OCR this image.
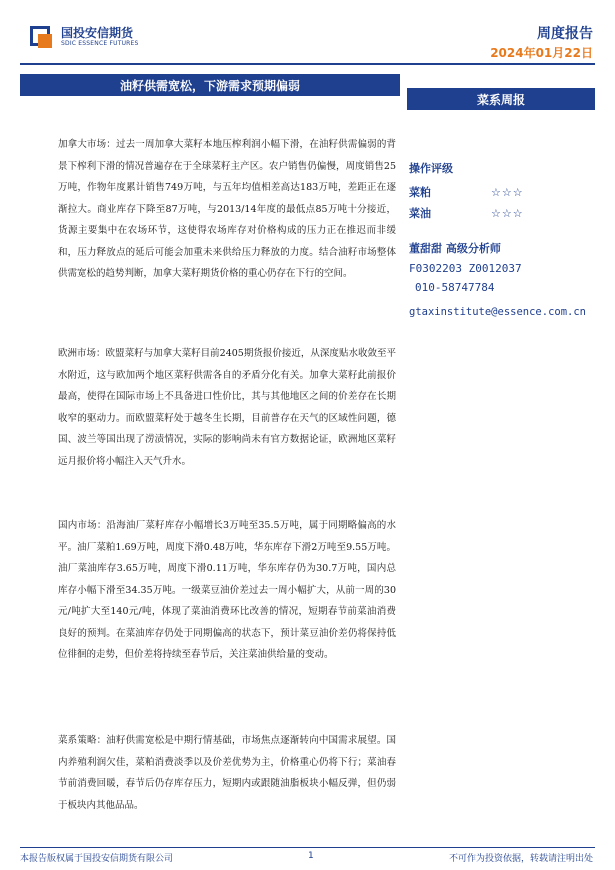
国投安信期货
SDIC ESSENCE FUTURES
周度报告
2024年01月22日
油籽供需宽松，下游需求预期偏弱
菜系周报
加拿大市场：过去一周加拿大菜籽本地压榨利润小幅下滑，在油籽供需偏弱的背景下榨利下滑的情况普遍存在于全球菜籽主产区。农户销售仍偏慢，周度销售25万吨，作物年度累计销售749万吨，与五年均值相差高达183万吨，差距正在逐渐拉大。商业库存下降至87万吨，与2013/14年度的最低点85万吨十分接近，货源主要集中在农场环节，这使得农场库存对价格构成的压力正在推迟而非缓和，压力释放点的延后可能会加重未来供给压力释放的力度。结合油籽市场整体供需宽松的趋势判断，加拿大菜籽期货价格的重心仍存在下行的空间。
欧洲市场：欧盟菜籽与加拿大菜籽目前2405期货报价接近，从深度贴水收敛至平水附近，这与欧加两个地区菜籽供需各自的矛盾分化有关。加拿大菜籽此前报价最高，使得在国际市场上不具备进口性价比，其与其他地区之间的价差存在长期收窄的驱动力。而欧盟菜籽处于越冬生长期，目前普存在天气的区域性问题，德国、波兰等国出现了涝渍情况，实际的影响尚未有官方数据论证，欧洲地区菜籽远月报价将小幅注入天气升水。
国内市场：沿海油厂菜籽库存小幅增长3万吨至35.5万吨，属于同期略偏高的水平。油厂菜粕1.69万吨，周度下滑0.48万吨，华东库存下滑2万吨至9.55万吨。油厂菜油库存3.65万吨，周度下滑0.11万吨，华东库存仍为30.7万吨，国内总库存小幅下滑至34.35万吨。一级菜豆油价差过去一周小幅扩大，从前一周的30元/吨扩大至140元/吨，体现了菜油消费环比改善的情况，短期春节前菜油消费良好的预判。在菜油库存仍处于同期偏高的状态下，预计菜豆油价差仍将保持低位徘徊的走势，但价差将持续至春节后，关注菜油供给量的变动。
菜系策略：油籽供需宽松是中期行情基础，市场焦点逐渐转向中国需求展望。国内养殖利润欠佳，菜粕消费淡季以及价差优势为主，价格重心仍将下行；菜油春节前消费回暖，春节后仍存库存压力，短期内或跟随油脂板块小幅反弹，但仍弱于板块内其他品品。
操作评级
菜粕	☆☆☆
菜油	☆☆☆
董甜甜 高级分析师
F0302203 Z0012037
010-58747784
gtaxinstitute@essence.com.cn
本报告版权属于国投安信期货有限公司	1	不可作为投资依据，转载请注明出处
